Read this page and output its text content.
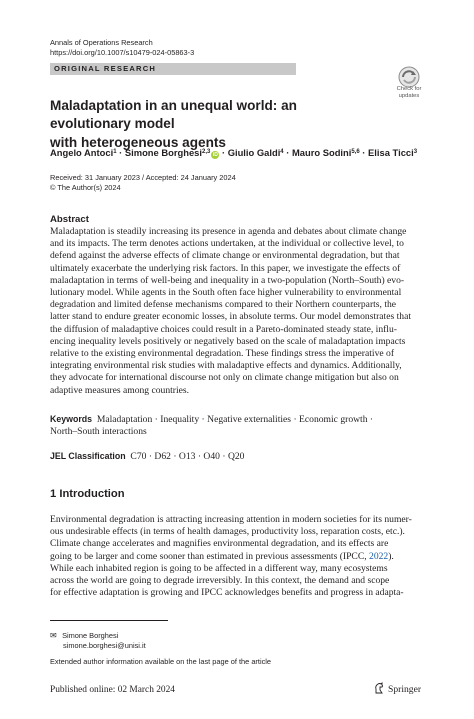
Annals of Operations Research
https://doi.org/10.1007/s10479-024-05863-3
ORIGINAL RESEARCH
Check for
updates
Maladaptation in an unequal world: an evolutionary model
with heterogeneous agents
Angelo Antoci$^1$ · Simone Borghesi$^{2,3}$ iD · Giulio Galdi$^4$ · Mauro Sodini$^{5,6}$ · Elisa Ticci$^3$
Received: 31 January 2023 / Accepted: 24 January 2024
© The Author(s) 2024
Abstract
Maladaptation is steadily increasing its presence in agenda and debates about climate change
and its impacts. The term denotes actions undertaken, at the individual or collective level, to
defend against the adverse effects of climate change or environmental degradation, but that
ultimately exacerbate the underlying risk factors. In this paper, we investigate the effects of
maladaptation in terms of well-being and inequality in a two-population (North–South) evo-
lutionary model. While agents in the South often face higher vulnerability to environmental
degradation and limited defense mechanisms compared to their Northern counterparts, the
latter stand to endure greater economic losses, in absolute terms. Our model demonstrates that
the diffusion of maladaptive choices could result in a Pareto-dominated steady state, influ-
encing inequality levels positively or negatively based on the scale of maladaptation impacts
relative to the existing environmental degradation. These findings stress the imperative of
integrating environmental risk studies with maladaptive effects and dynamics. Additionally,
they advocate for international discourse not only on climate change mitigation but also on
adaptive measures among countries.
Keywords Maladaptation · Inequality · Negative externalities · Economic growth ·
North–South interactions
JEL Classification C70 · D62 · O13 · O40 · Q20
1 Introduction
Environmental degradation is attracting increasing attention in modern societies for its numer-
ous undesirable effects (in terms of health damages, productivity loss, reparation costs, etc.).
Climate change accelerates and magnifies environmental degradation, and its effects are
going to be larger and come sooner than estimated in previous assessments (IPCC, 2022).
While each inhabited region is going to be affected in a different way, many ecosystems
across the world are going to degrade irreversibly. In this context, the demand and scope
for effective adaptation is growing and IPCC acknowledges benefits and progress in adapta-
✉ Simone Borghesi
simone.borghesi@unisi.it
Extended author information available on the last page of the article
Published online: 02 March 2024	Springer
